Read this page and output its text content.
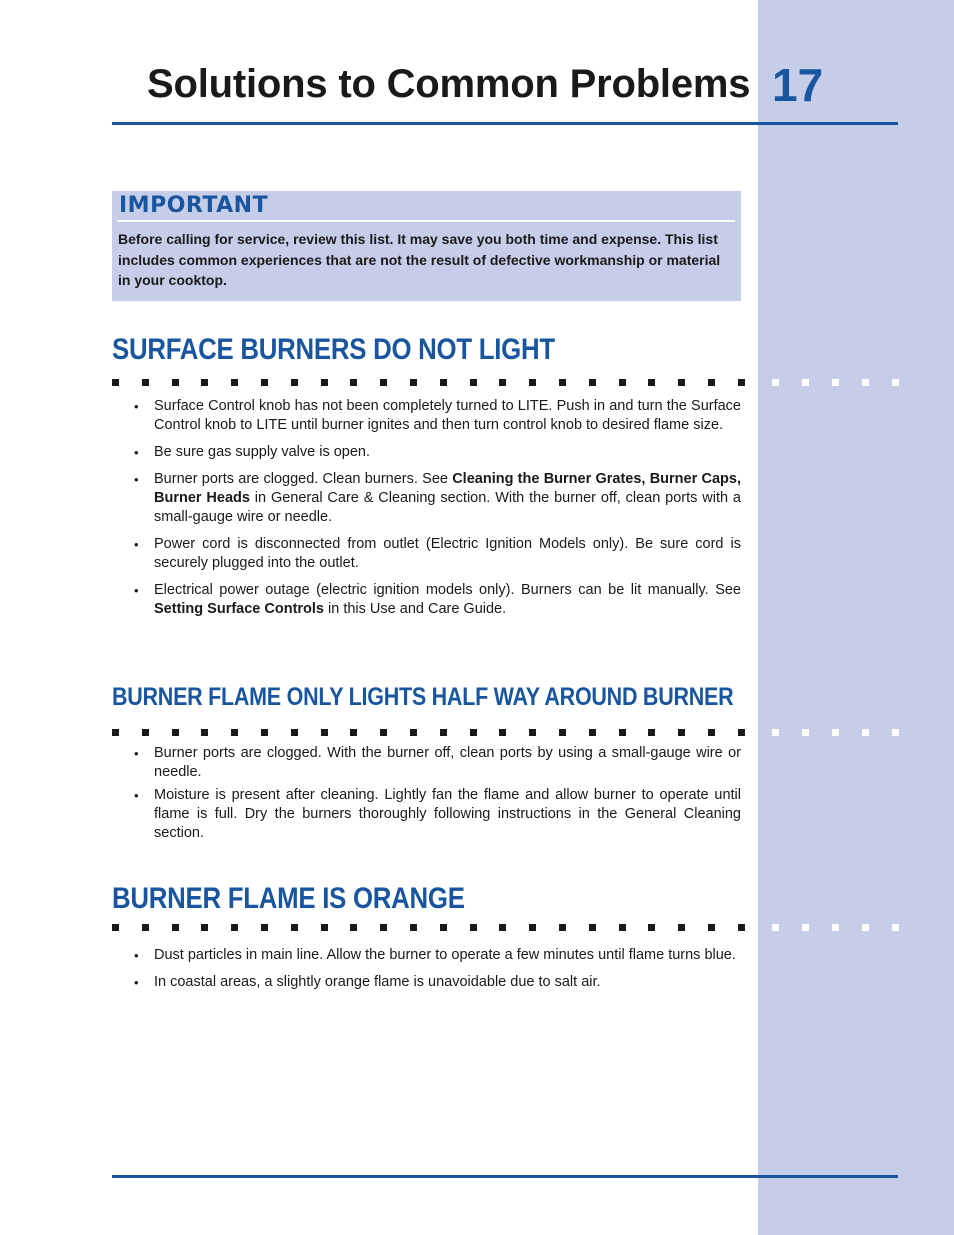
Solutions to Common Problems 17
IMPORTANT

Before calling for service, review this list. It may save you both time and expense. This list includes common experiences that are not the result of defective workmanship or material in your cooktop.

SURFACE BURNERS DO NOT LIGHT
• Surface Control knob has not been completely turned to LITE. Push in and turn the Surface Control knob to LITE until burner ignites and then turn control knob to desired flame size.
• Be sure gas supply valve is open.
• Burner ports are clogged. Clean burners. See Cleaning the Burner Grates, Burner Caps, Burner Heads in General Care & Cleaning section. With the burner off, clean ports with a small-gauge wire or needle.
• Power cord is disconnected from outlet (Electric Ignition Models only). Be sure cord is securely plugged into the outlet.
• Electrical power outage (electric ignition models only). Burners can be lit manually. See Setting Surface Controls in this Use and Care Guide.
BURNER FLAME ONLY LIGHTS HALF WAY AROUND BURNER
• Burner ports are clogged. With the burner off, clean ports by using a small-gauge wire or needle.
• Moisture is present after cleaning. Lightly fan the flame and allow burner to operate until flame is full. Dry the burners thoroughly following instructions in the General Cleaning section.
BURNER FLAME IS ORANGE
• Dust particles in main line. Allow the burner to operate a few minutes until flame turns blue.
• In coastal areas, a slightly orange flame is unavoidable due to salt air.
